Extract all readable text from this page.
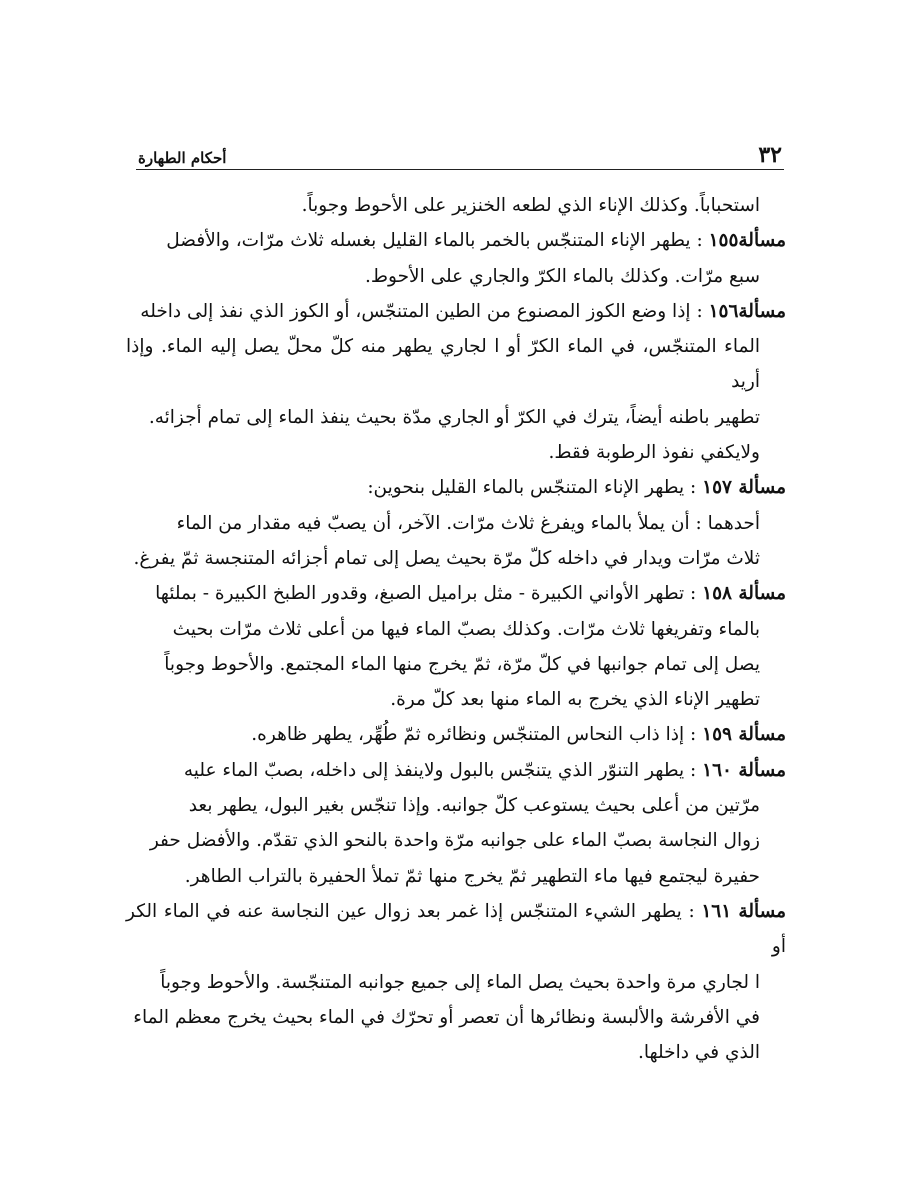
٣٢
أحكام الطهارة

استحباباً. وكذلك الإناء الذي لطعه الخنزير على الأحوط وجوباً.

مسألة١٥٥ : يطهر الإناء المتنجّس بالخمر بالماء القليل بغسله ثلاث مرّات، والأفضل
سبع مرّات. وكذلك بالماء الكرّ والجاري على الأحوط.

مسألة١٥٦ : إذا وضع الكوز المصنوع من الطين المتنجّس، أو الكوز الذي نفذ إلى داخله
الماء المتنجّس، في الماء الكرّ أو ا لجاري يطهر منه كلّ محلّ يصل إليه الماء. وإذا أريد
تطهير باطنه أيضاً، يترك في الكرّ أو الجاري مدّة بحيث ينفذ الماء إلى تمام أجزائه.
ولايكفي نفوذ الرطوبة فقط.

مسألة ١٥٧ : يطهر الإناء المتنجّس بالماء القليل بنحوين:
أحدهما : أن يملأ بالماء ويفرغ ثلاث مرّات. الآخر، أن يصبّ فيه مقدار من الماء
ثلاث مرّات ويدار في داخله كلّ مرّة بحيث يصل إلى تمام أجزائه المتنجسة ثمّ يفرغ.

مسألة ١٥٨ : تطهر الأواني الكبيرة - مثل براميل الصبغ، وقدور الطبخ الكبيرة - بملئها
بالماء وتفريغها ثلاث مرّات. وكذلك بصبّ الماء فيها من أعلى ثلاث مرّات بحيث
يصل إلى تمام جوانبها في كلّ مرّة، ثمّ يخرج منها الماء المجتمع. والأحوط وجوباً
تطهير الإناء الذي يخرج به الماء منها بعد كلّ مرة.

مسألة ١٥٩ : إذا ذاب النحاس المتنجّس ونظائره ثمّ طُهِّر، يطهر ظاهره.

مسألة ١٦٠ : يطهر التنوّر الذي يتنجّس بالبول ولاينفذ إلى داخله، بصبّ الماء عليه
مرّتين من أعلى بحيث يستوعب كلّ جوانبه. وإذا تنجّس بغير البول، يطهر بعد
زوال النجاسة بصبّ الماء على جوانبه مرّة واحدة بالنحو الذي تقدّم. والأفضل حفر
حفيرة ليجتمع فيها ماء التطهير ثمّ يخرج منها ثمّ تملأ الحفيرة بالتراب الطاهر.

مسألة ١٦١ : يطهر الشيء المتنجّس إذا غمر بعد زوال عين النجاسة عنه في الماء الكر أو
ا لجاري مرة واحدة بحيث يصل الماء إلى جميع جوانبه المتنجّسة. والأحوط وجوباً
في الأفرشة والألبسة ونظائرها أن تعصر أو تحرّك في الماء بحيث يخرج معظم الماء
الذي في داخلها.
